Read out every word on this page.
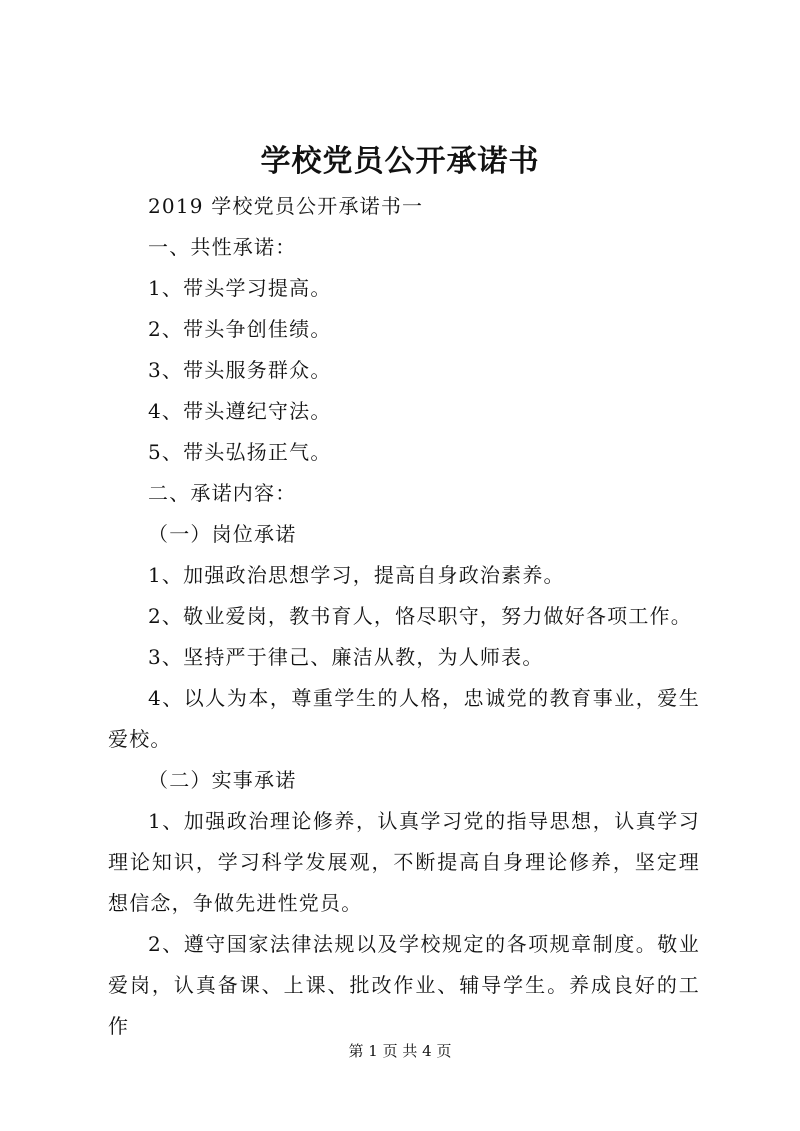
学校党员公开承诺书

2019 学校党员公开承诺书一

一、共性承诺：

1、带头学习提高。

2、带头争创佳绩。

3、带头服务群众。

4、带头遵纪守法。

5、带头弘扬正气。

二、承诺内容：

（一）岗位承诺

1、加强政治思想学习，提高自身政治素养。

2、敬业爱岗，教书育人，恪尽职守，努力做好各项工作。

3、坚持严于律己、廉洁从教，为人师表。

4、以人为本，尊重学生的人格，忠诚党的教育事业，爱生爱校。

（二）实事承诺

1、加强政治理论修养，认真学习党的指导思想，认真学习理论知识，学习科学发展观，不断提高自身理论修养，坚定理想信念，争做先进性党员。

2、遵守国家法律法规以及学校规定的各项规章制度。敬业爱岗，认真备课、上课、批改作业、辅导学生。养成良好的工作

第 1 页 共 4 页
